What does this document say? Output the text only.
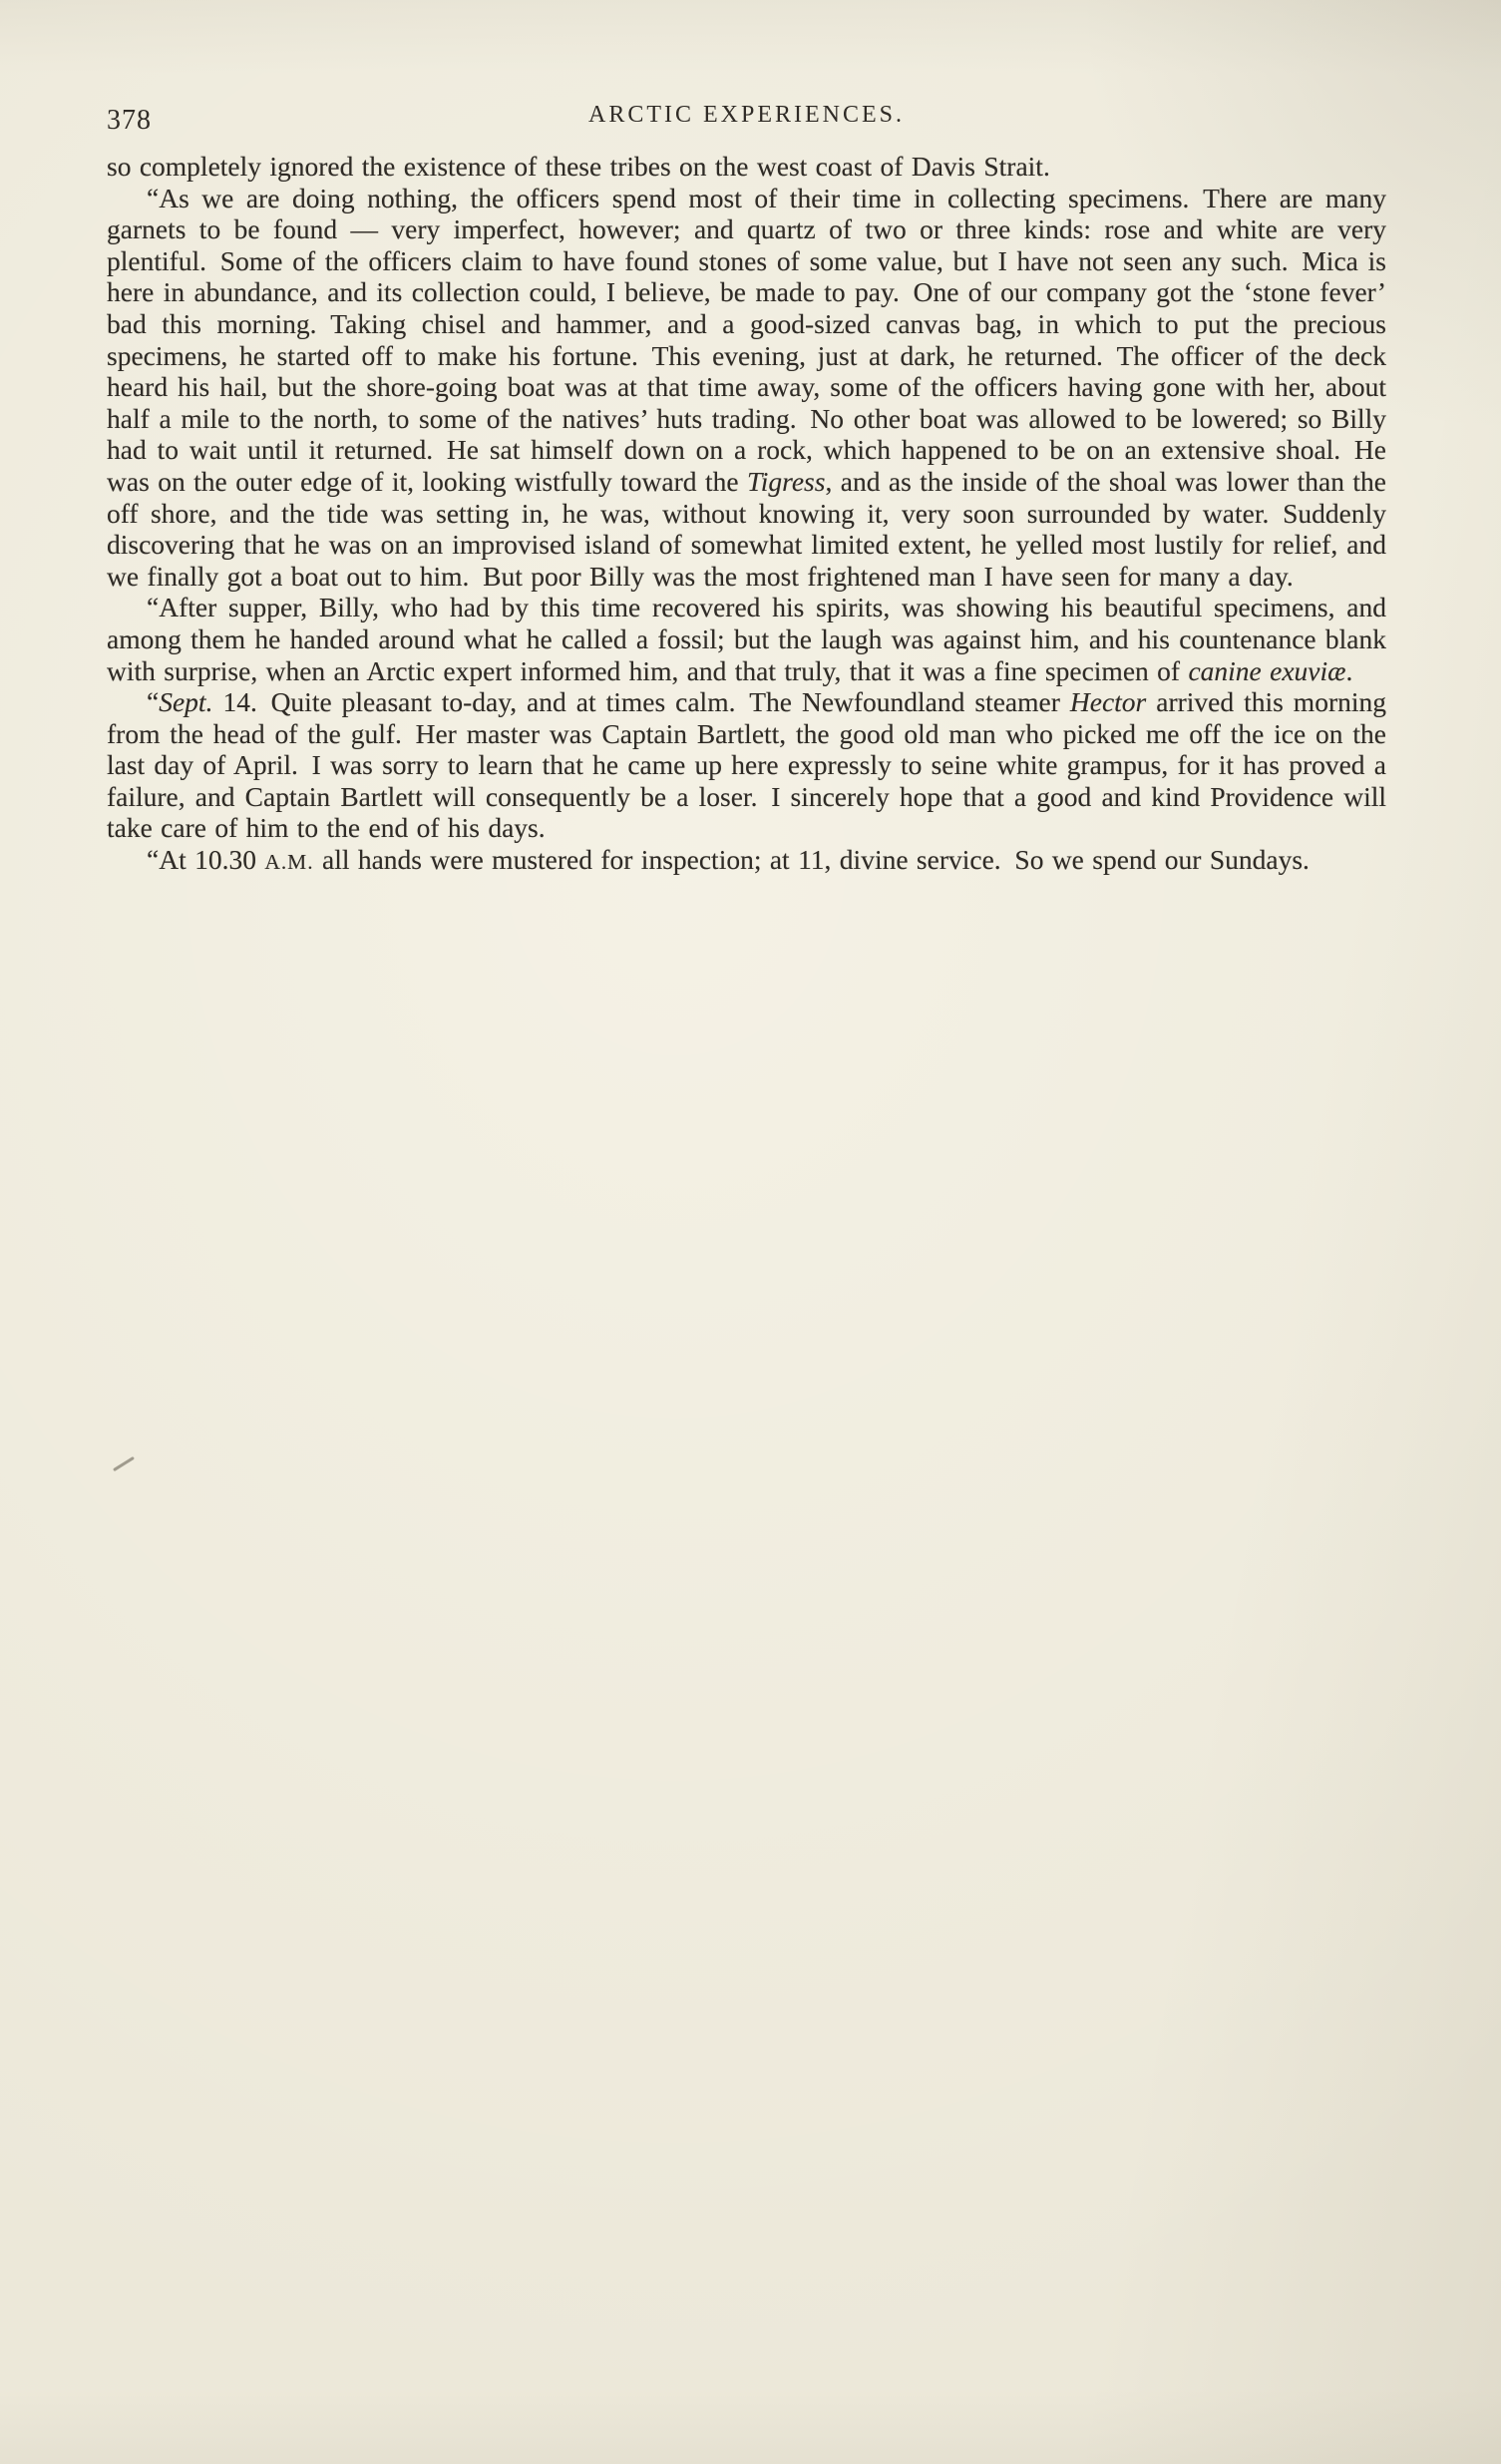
378	ARCTIC EXPERIENCES.

so completely ignored the existence of these tribes on the west coast of Davis Strait.

“As we are doing nothing, the officers spend most of their time in collecting specimens. There are many garnets to be found — very imperfect, however; and quartz of two or three kinds: rose and white are very plentiful. Some of the officers claim to have found stones of some value, but I have not seen any such. Mica is here in abundance, and its collection could, I believe, be made to pay. One of our company got the ‘stone fever’ bad this morning. Taking chisel and hammer, and a good-sized canvas bag, in which to put the precious specimens, he started off to make his fortune. This evening, just at dark, he returned. The officer of the deck heard his hail, but the shore-going boat was at that time away, some of the officers having gone with her, about half a mile to the north, to some of the natives’ huts trading. No other boat was allowed to be lowered; so Billy had to wait until it returned. He sat himself down on a rock, which happened to be on an extensive shoal. He was on the outer edge of it, looking wistfully toward the Tigress, and as the inside of the shoal was lower than the off shore, and the tide was setting in, he was, without knowing it, very soon surrounded by water. Suddenly discovering that he was on an improvised island of somewhat limited extent, he yelled most lustily for relief, and we finally got a boat out to him. But poor Billy was the most frightened man I have seen for many a day.

“After supper, Billy, who had by this time recovered his spirits, was showing his beautiful specimens, and among them he handed around what he called a fossil; but the laugh was against him, and his countenance blank with surprise, when an Arctic expert informed him, and that truly, that it was a fine specimen of canine exuviæ.

“Sept. 14. Quite pleasant to-day, and at times calm. The Newfoundland steamer Hector arrived this morning from the head of the gulf. Her master was Captain Bartlett, the good old man who picked me off the ice on the last day of April. I was sorry to learn that he came up here expressly to seine white grampus, for it has proved a failure, and Captain Bartlett will consequently be a loser. I sincerely hope that a good and kind Providence will take care of him to the end of his days.

“At 10.30 A.M. all hands were mustered for inspection; at 11, divine service. So we spend our Sundays.
